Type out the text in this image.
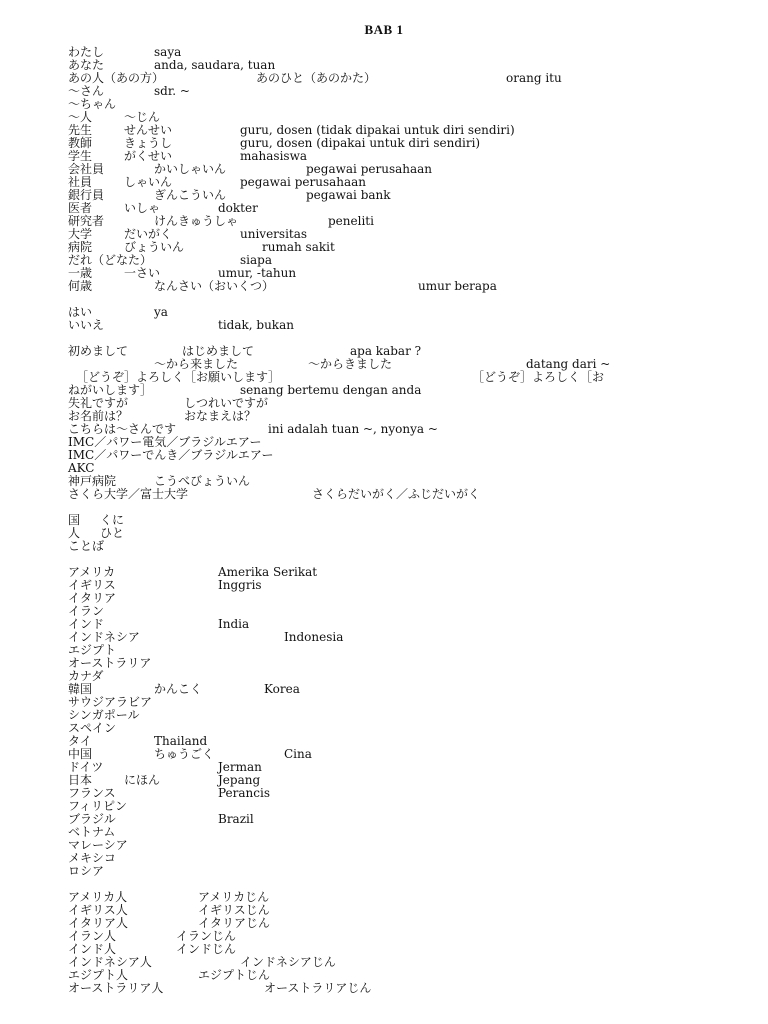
BAB 1
わたし	saya
あなた	anda, saudara, tuan
あの人（あの方）	あのひと（あのかた）	orang itu
～さん	sdr. ~
～ちゃん
～人	～じん
先生	せんせい	guru, dosen (tidak dipakai untuk diri sendiri)
教師	きょうし	guru, dosen (dipakai untuk diri sendiri)
学生	がくせい	mahasiswa
会社員	かいしゃいん	pegawai perusahaan
社員	しゃいん	pegawai perusahaan
銀行員	ぎんこういん	pegawai bank
医者	いしゃ	dokter
研究者	けんきゅうしゃ	peneliti
大学	だいがく	universitas
病院	びょういん	rumah sakit
だれ（どなた）	siapa
一歳	一さい	umur, -tahun
何歳	なんさい（おいくつ）	umur berapa
はい	ya
いいえ	tidak, bukan
初めまして	はじめまして	apa kabar ?
～から来ました	～からきました	datang dari ~
［どうぞ］よろしく［お願いします］	［どうぞ］よろしく［お
ねがいします］	senang bertemu dengan anda
失礼ですが	しつれいですが
お名前は？	おなまえは？
こちらは～さんです	ini adalah tuan ~, nyonya ~
IMC／パワー電気／ブラジルエアー
IMC／パワーでんき／ブラジルエアー
AKC
神戸病院	こうべびょういん
さくら大学／富士大学	さくらだいがく／ふじだいがく
国 くに
人 ひと
ことば
アメリカ	Amerika Serikat
イギリス	Inggris
イタリア
イラン
インド	India
インドネシア	Indonesia
エジプト
オーストラリア
カナダ
韓国	かんこく	Korea
サウジアラビア
シンガポール
スペイン
タイ	Thailand
中国	ちゅうごく	Cina
ドイツ	Jerman
日本	にほん	Jepang
フランス	Perancis
フィリピン
ブラジル	Brazil
ベトナム
マレーシア
メキシコ
ロシア
アメリカ人	アメリカじん
イギリス人	イギリスじん
イタリア人	イタリアじん
イラン人	イランじん
インド人	インドじん
インドネシア人	インドネシアじん
エジプト人	エジプトじん
オーストラリア人	オーストラリアじん
